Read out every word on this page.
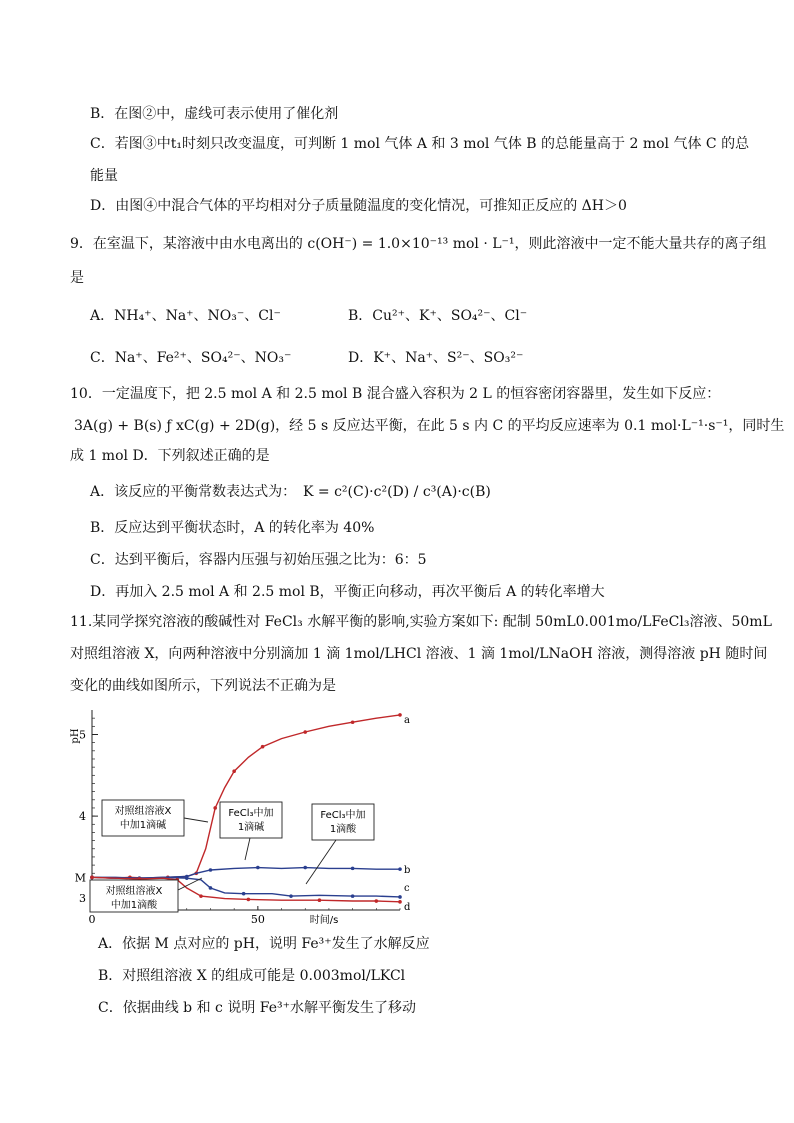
B．在图②中，虚线可表示使用了催化剂
C．若图③中t₁时刻只改变温度，可判断 1 mol 气体 A 和 3 mol 气体 B 的总能量高于 2 mol 气体 C 的总
能量
D．由图④中混合气体的平均相对分子质量随温度的变化情况，可推知正反应的 ΔH＞0
9．在室温下，某溶液中由水电离出的 c(OH⁻) = 1.0×10⁻¹³ mol · L⁻¹，则此溶液中一定不能大量共存的离子组
是
A．NH₄⁺、Na⁺、NO₃⁻、Cl⁻	B．Cu²⁺、K⁺、SO₄²⁻、Cl⁻
C．Na⁺、Fe²⁺、SO₄²⁻、NO₃⁻	D．K⁺、Na⁺、S²⁻、SO₃²⁻
10．一定温度下，把 2.5 mol A 和 2.5 mol B 混合盛入容积为 2 L 的恒容密闭容器里，发生如下反应：
3A(g) + B(s) ƒ xC(g) + 2D(g)，经 5 s 反应达平衡，在此 5 s 内 C 的平均反应速率为 0.1 mol·L⁻¹·s⁻¹，同时生
成 1 mol D．下列叙述正确的是
A．该反应的平衡常数表达式为： K = c²(C)·c²(D) / c³(A)·c(B)
B．反应达到平衡状态时，A 的转化率为 40%
C．达到平衡后，容器内压强与初始压强之比为：6：5
D．再加入 2.5 mol A 和 2.5 mol B，平衡正向移动，再次平衡后 A 的转化率增大
11.某同学探究溶液的酸碱性对 FeCl₃ 水解平衡的影响,实验方案如下: 配制 50mL0.001mo/LFeCl₃溶液、50mL
对照组溶液 X，向两种溶液中分别滴加 1 滴 1mol/LHCl 溶液、1 滴 1mol/LNaOH 溶液，测得溶液 pH 随时间
变化的曲线如图所示，下列说法不正确为是
3
4
5
0	50
pH
时间/s
M
a
b
c
d
对照组溶液X
中加1滴碱
FeCl₃中加
1滴碱
FeCl₃中加
1滴酸
对照组溶液X
中加1滴酸
A．依据 M 点对应的 pH，说明 Fe³⁺发生了水解反应
B．对照组溶液 X 的组成可能是 0.003mol/LKCl
C．依据曲线 b 和 c 说明 Fe³⁺水解平衡发生了移动
